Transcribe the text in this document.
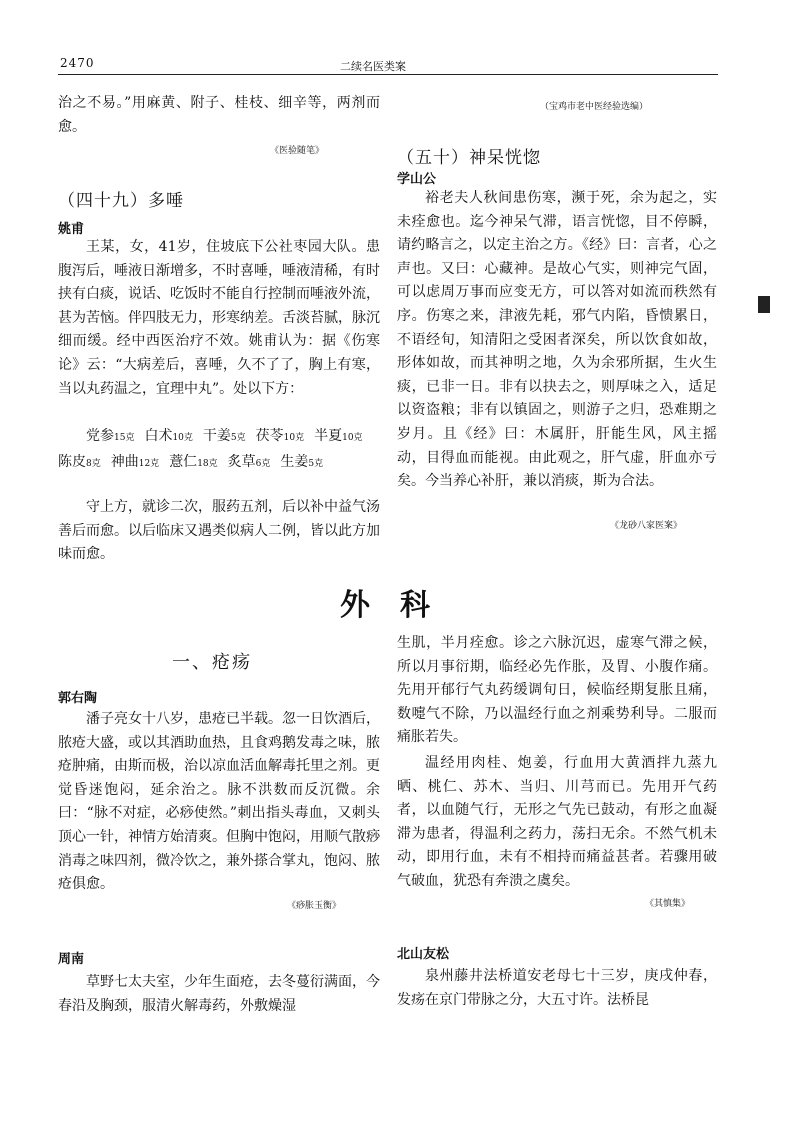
2470	二续名医类案
治之不易。”用麻黄、附子、桂枝、细辛等，两剂而愈。
《医验随笔》
（四十九）多唾
姚甫
王某，女，41岁，住坡底下公社枣园大队。患腹泻后，唾液日渐增多，不时喜唾，唾液清稀，有时挟有白痰，说话、吃饭时不能自行控制而唾液外流，甚为苦恼。伴四肢无力，形寒纳差。舌淡苔腻，脉沉细而缓。经中西医治疗不效。姚甫认为：据《伤寒论》云：“大病差后，喜唾，久不了了，胸上有寒，当以丸药温之，宜理中丸”。处以下方：
党参15克 白术10克 干姜5克 茯苓10克 半夏10克陈皮8克 神曲12克 薏仁18克 炙草6克 生姜5克
守上方，就诊二次，服药五剂，后以补中益气汤善后而愈。以后临床又遇类似病人二例，皆以此方加味而愈。
（宝鸡市老中医经验选编）
（五十）神呆恍惚
学山公
裕老夫人秋间患伤寒，濒于死，余为起之，实未痊愈也。迄今神呆气滞，语言恍惚，目不停瞬，请约略言之，以定主治之方。《经》曰：言者，心之声也。又曰：心藏神。是故心气实，则神完气固，可以虑周万事而应变无方，可以答对如流而秩然有序。伤寒之来，津液先耗，邪气内陷，昏愦累日，不语经旬，知清阳之受困者深矣，所以饮食如故，形体如故，而其神明之地，久为余邪所据，生火生痰，已非一日。非有以抉去之，则厚味之入，适足以资盗粮；非有以镇固之，则游子之归，恐难期之岁月。且《经》曰：木属肝，肝能生风，风主摇动，目得血而能视。由此观之，肝气虚，肝血亦亏矣。今当养心补肝，兼以消痰，斯为合法。
《龙砂八家医案》
外　科
一、疮疡
郭右陶
潘子亮女十八岁，患疮已半载。忽一日饮酒后，脓疮大盛，或以其酒助血热，且食鸡鹅发毒之味，脓疮肿痛，由斯而极，治以凉血活血解毒托里之剂。更觉昏迷饱闷，延余治之。脉不洪数而反沉微。余曰：“脉不对症，必痧使然。”刺出指头毒血，又刺头顶心一针，神情方始清爽。但胸中饱闷，用顺气散痧消毒之味四剂，微冷饮之，兼外搽合掌丸，饱闷、脓疮俱愈。
《痧胀玉衡》
周南
草野七太夫室，少年生面疮，去冬蔓衍满面，今春沿及胸颈，服清火解毒药，外敷燥湿
生肌，半月痊愈。诊之六脉沉迟，虚寒气滞之候，所以月事衍期，临经必先作胀，及胃、小腹作痛。先用开郁行气丸药缓调旬日，候临经期复胀且痛，数嚏气不除，乃以温经行血之剂乘势利导。二服而痛胀若失。
温经用肉桂、炮姜，行血用大黄酒拌九蒸九晒、桃仁、苏木、当归、川芎而已。先用开气药者，以血随气行，无形之气先已鼓动，有形之血凝滞为患者，得温利之药力，荡扫无余。不然气机未动，即用行血，未有不相持而痛益甚者。若骤用破气破血，犹恐有奔溃之虞矣。
《其慎集》
北山友松
泉州藤井法桥道安老母七十三岁，庚戌仲春，发疡在京门带脉之分，大五寸许。法桥昆
